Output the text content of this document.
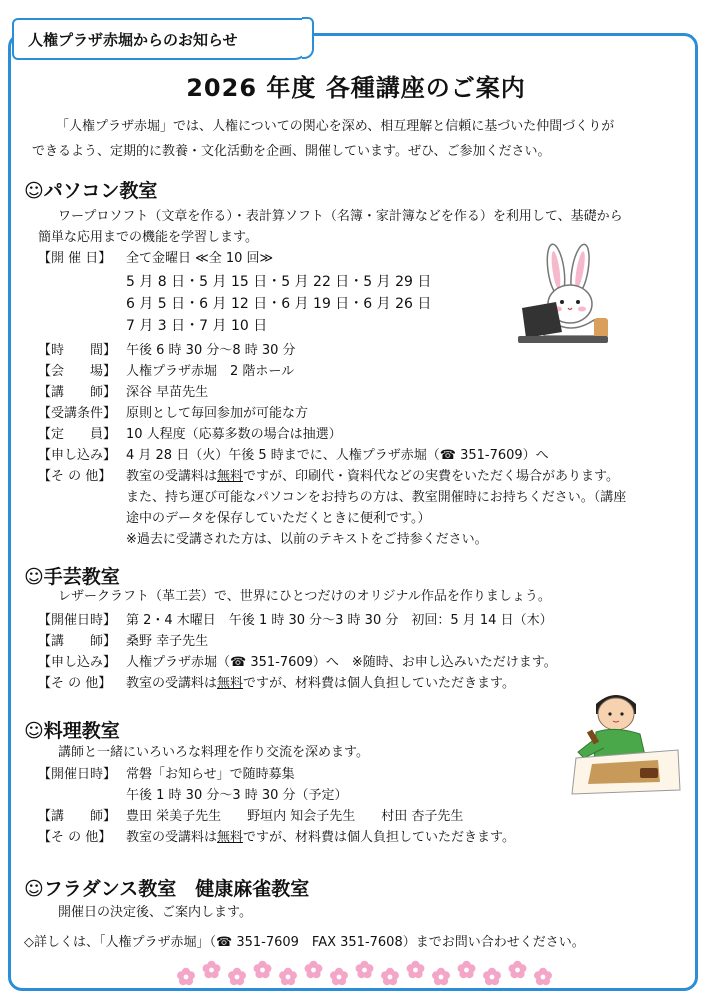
人権プラザ赤堀からのお知らせ
2026 年度 各種講座のご案内
「人権プラザ赤堀」では、人権についての関心を深め、相互理解と信頼に基づいた仲間づくりが
できるよう、定期的に教養・文化活動を企画、開催しています。ぜひ、ご参加ください。
☺パソコン教室
ワープロソフト（文章を作る）・表計算ソフト（名簿・家計簿などを作る）を利用して、基礎から
簡単な応用までの機能を学習します。
【開 催 日】 全て金曜日 ≪全 10 回≫
5 月 8 日・5 月 15 日・5 月 22 日・5 月 29 日
6 月 5 日・6 月 12 日・6 月 19 日・6 月 26 日
7 月 3 日・7 月 10 日
【時　　間】 午後 6 時 30 分～8 時 30 分
【会　　場】 人権プラザ赤堀　2 階ホール
【講　　師】 深谷 早苗先生
【受講条件】 原則として毎回参加が可能な方
【定　　員】 10 人程度（応募多数の場合は抽選）
【申し込み】 4 月 28 日（火）午後 5 時までに、人権プラザ赤堀（☎ 351-7609）へ
【そ の 他】 教室の受講料は無料ですが、印刷代・資料代などの実費をいただく場合があります。
また、持ち運び可能なパソコンをお持ちの方は、教室開催時にお持ちください。（講座
途中のデータを保存していただくときに便利です。）
※過去に受講された方は、以前のテキストをご持参ください。
☺手芸教室
レザークラフト（革工芸）で、世界にひとつだけのオリジナル作品を作りましょう。
【開催日時】 第 2・4 木曜日　午後 1 時 30 分～3 時 30 分　初回：5 月 14 日（木）
【講　　師】 桑野 幸子先生
【申し込み】 人権プラザ赤堀（☎ 351-7609）へ　※随時、お申し込みいただけます。
【そ の 他】 教室の受講料は無料ですが、材料費は個人負担していただきます。
☺料理教室
講師と一緒にいろいろな料理を作り交流を深めます。
【開催日時】 常磐「お知らせ」で随時募集
午後 1 時 30 分～3 時 30 分（予定）
【講　　師】 豊田 栄美子先生　　野垣内 知会子先生　　村田 杏子先生
【そ の 他】 教室の受講料は無料ですが、材料費は個人負担していただきます。
☺フラダンス教室　健康麻雀教室
開催日の決定後、ご案内します。
◇詳しくは、「人権プラザ赤堀」（☎ 351-7609　FAX 351-7608）までお問い合わせください。
